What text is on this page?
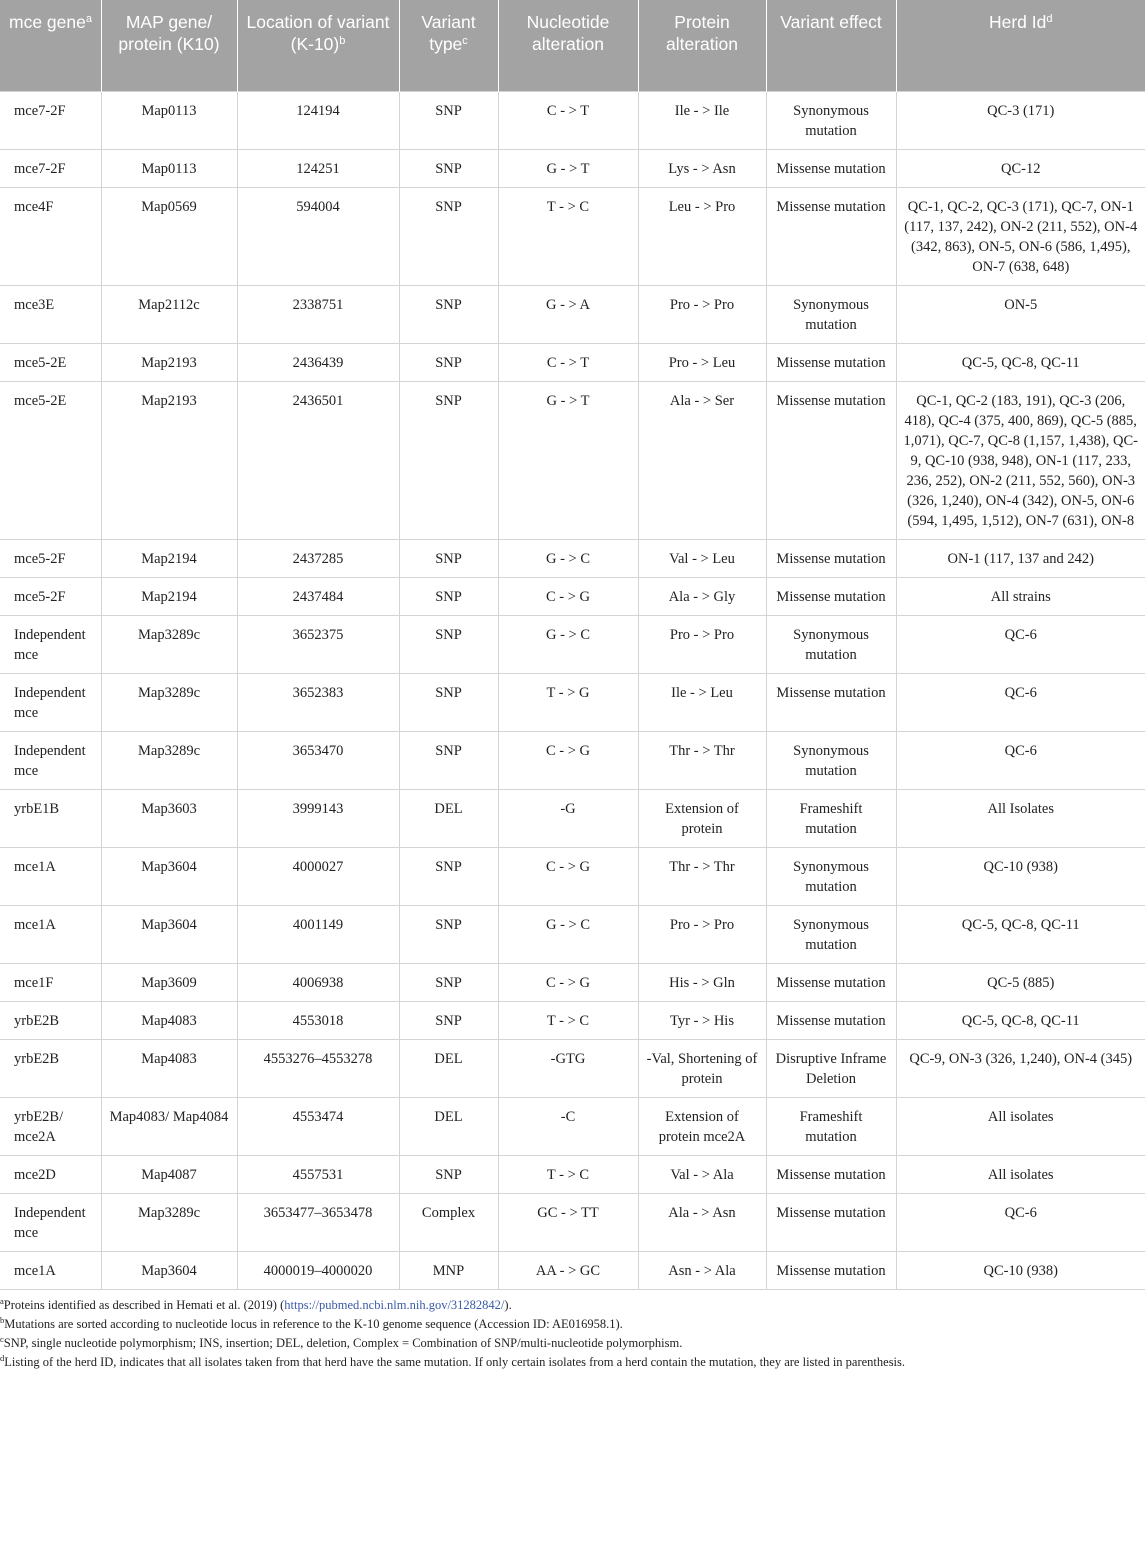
mce gene$^a$	MAP gene/ protein (K10)	Location of variant $(K-10)^b$	Variant type$^c$	Nucleotide alteration	Protein alteration	Variant effect	Herd Id$^d$
mce7-2F	Map0113	124194	SNP	C - > T	Ile - > Ile	Synonymous mutation	QC-3 (171)
mce7-2F	Map0113	124251	SNP	G - > T	Lys - > Asn	Missense mutation	QC-12
mce4F	Map0569	594004	SNP	T - > C	Leu - > Pro	Missense mutation	QC-1, QC-2, QC-3 (171), QC-7, ON-1 (117, 137, 242), ON-2 (211, 552), ON-4 (342, 863), ON-5, ON-6 (586, 1,495), ON-7 (638, 648)
mce3E	Map2112c	2338751	SNP	G - > A	Pro - > Pro	Synonymous mutation	ON-5
mce5-2E	Map2193	2436439	SNP	C - > T	Pro - > Leu	Missense mutation	QC-5, QC-8, QC-11
mce5-2E	Map2193	2436501	SNP	G - > T	Ala - > Ser	Missense mutation	QC-1, QC-2 (183, 191), QC-3 (206, 418), QC-4 (375, 400, 869), QC-5 (885, 1,071), QC-7, QC-8 (1,157, 1,438), QC-9, QC-10 (938, 948), ON-1 (117, 233, 236, 252), ON-2 (211, 552, 560), ON-3 (326, 1,240), ON-4 (342), ON-5, ON-6 (594, 1,495, 1,512), ON-7 (631), ON-8
mce5-2F	Map2194	2437285	SNP	G - > C	Val - > Leu	Missense mutation	ON-1 (117, 137 and 242)
mce5-2F	Map2194	2437484	SNP	C - > G	Ala - > Gly	Missense mutation	All strains
Independent mce	Map3289c	3652375	SNP	G - > C	Pro - > Pro	Synonymous mutation	QC-6
Independent mce	Map3289c	3652383	SNP	T - > G	Ile - > Leu	Missense mutation	QC-6
Independent mce	Map3289c	3653470	SNP	C - > G	Thr - > Thr	Synonymous mutation	QC-6
yrbE1B	Map3603	3999143	DEL	-G	Extension of protein	Frameshift mutation	All Isolates
mce1A	Map3604	4000027	SNP	C - > G	Thr - > Thr	Synonymous mutation	QC-10 (938)
mce1A	Map3604	4001149	SNP	G - > C	Pro - > Pro	Synonymous mutation	QC-5, QC-8, QC-11
mce1F	Map3609	4006938	SNP	C - > G	His - > Gln	Missense mutation	QC-5 (885)
yrbE2B	Map4083	4553018	SNP	T - > C	Tyr - > His	Missense mutation	QC-5, QC-8, QC-11
yrbE2B	Map4083	4553276–4553278	DEL	-GTG	-Val, Shortening of protein	Disruptive Inframe Deletion	QC-9, ON-3 (326, 1,240), ON-4 (345)
yrbE2B/ mce2A	Map4083/ Map4084	4553474	DEL	-C	Extension of protein mce2A	Frameshift mutation	All isolates
mce2D	Map4087	4557531	SNP	T - > C	Val - > Ala	Missense mutation	All isolates
Independent mce	Map3289c	3653477–3653478	Complex	GC - > TT	Ala - > Asn	Missense mutation	QC-6
mce1A	Map3604	4000019–4000020	MNP	AA - > GC	Asn - > Ala	Missense mutation	QC-10 (938)
$^a$Proteins identified as described in Hemati et al. (2019) (https://pubmed.ncbi.nlm.nih.gov/31282842/).
$^b$Mutations are sorted according to nucleotide locus in reference to the K-10 genome sequence (Accession ID: AE016958.1).
$^c$SNP, single nucleotide polymorphism; INS, insertion; DEL, deletion, Complex = Combination of SNP/multi-nucleotide polymorphism.
$^d$Listing of the herd ID, indicates that all isolates taken from that herd have the same mutation. If only certain isolates from a herd contain the mutation, they are listed in parenthesis.
